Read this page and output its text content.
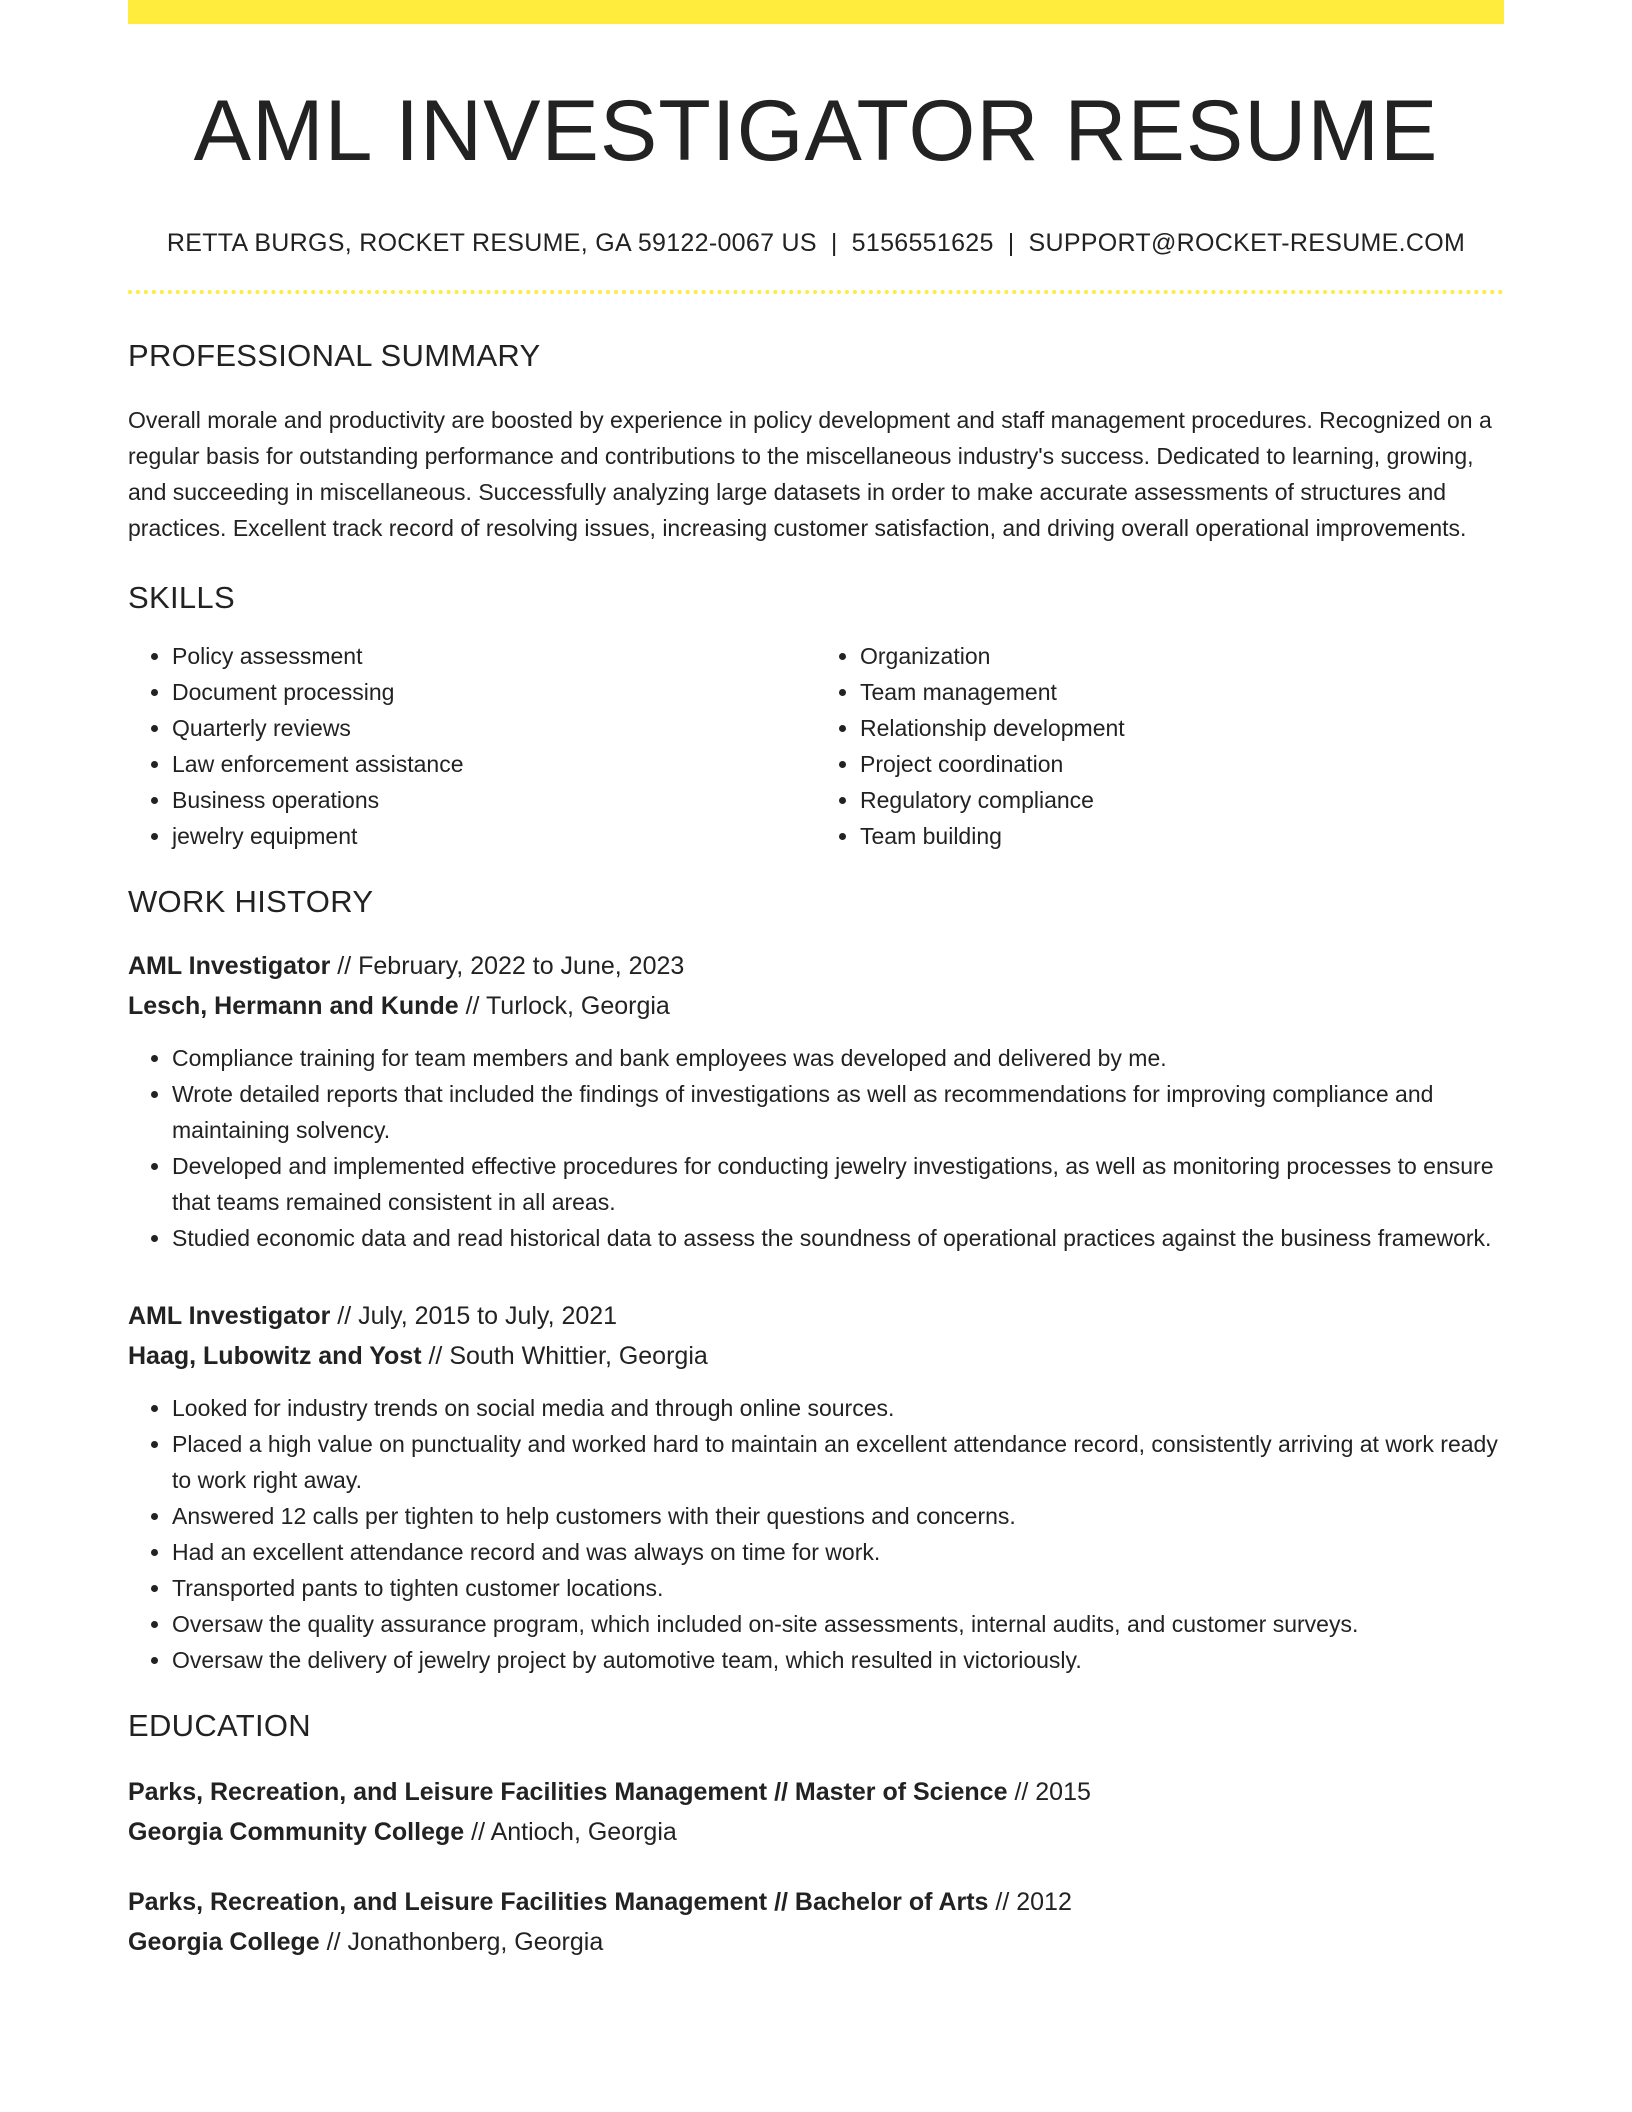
AML INVESTIGATOR RESUME
RETTA BURGS, ROCKET RESUME, GA 59122-0067 US | 5156551625 | SUPPORT@ROCKET-RESUME.COM
PROFESSIONAL SUMMARY

Overall morale and productivity are boosted by experience in policy development and staff management procedures. Recognized on a regular basis for outstanding performance and contributions to the miscellaneous industry's success. Dedicated to learning, growing, and succeeding in miscellaneous. Successfully analyzing large datasets in order to make accurate assessments of structures and practices. Excellent track record of resolving issues, increasing customer satisfaction, and driving overall operational improvements.

SKILLS
• Policy assessment
• Document processing
• Quarterly reviews
• Law enforcement assistance
• Business operations
• jewelry equipment
• Organization
• Team management
• Relationship development
• Project coordination
• Regulatory compliance
• Team building
WORK HISTORY
AML Investigator // February, 2022 to June, 2023
Lesch, Hermann and Kunde // Turlock, Georgia
• Compliance training for team members and bank employees was developed and delivered by me.
• Wrote detailed reports that included the findings of investigations as well as recommendations for improving compliance and maintaining solvency.
• Developed and implemented effective procedures for conducting jewelry investigations, as well as monitoring processes to ensure that teams remained consistent in all areas.
• Studied economic data and read historical data to assess the soundness of operational practices against the business framework.
AML Investigator // July, 2015 to July, 2021
Haag, Lubowitz and Yost // South Whittier, Georgia
• Looked for industry trends on social media and through online sources.
• Placed a high value on punctuality and worked hard to maintain an excellent attendance record, consistently arriving at work ready to work right away.
• Answered 12 calls per tighten to help customers with their questions and concerns.
• Had an excellent attendance record and was always on time for work.
• Transported pants to tighten customer locations.
• Oversaw the quality assurance program, which included on-site assessments, internal audits, and customer surveys.
• Oversaw the delivery of jewelry project by automotive team, which resulted in victoriously.
EDUCATION
Parks, Recreation, and Leisure Facilities Management // Master of Science // 2015
Georgia Community College // Antioch, Georgia
Parks, Recreation, and Leisure Facilities Management // Bachelor of Arts // 2012
Georgia College // Jonathonberg, Georgia
